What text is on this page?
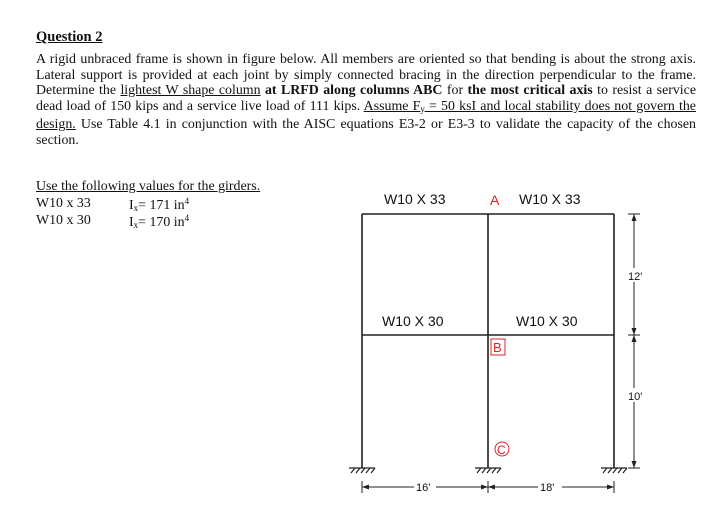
Question 2
A rigid unbraced frame is shown in figure below. All members are oriented so that bending is about the strong axis. Lateral support is provided at each joint by simply connected bracing in the direction perpendicular to the frame. Determine the lightest W shape column at LRFD along columns ABC for the most critical axis to resist a service dead load of 150 kips and a service live load of 111 kips. Assume $F_y = 50$ ksI and local stability does not govern the design. Use Table 4.1 in conjunction with the AISC equations E3-2 or E3-3 to validate the capacity of the chosen section.
Use the following values for the girders.
W10 x 33	$I_x= 171$ $in^4$
W10 x 30	$I_x= 170$ $in^4$
W10 X 33	W10 X 33
W10 X 30	W10 X 30
A
B
C
12'
10'
16'	18'
